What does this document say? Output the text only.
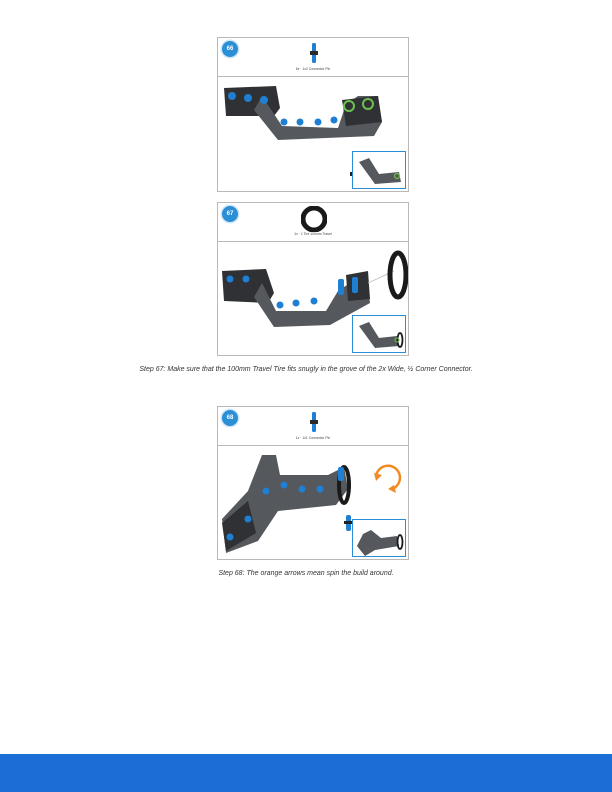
66
6x · 1x2 Connector Pin
67
1x · 1 Tire 100mm Travel
Step 67: Make sure that the 100mm Travel Tire fits snugly in the grove of the 2x Wide, ½ Corner Connector.
68
1x · 1x1 Connector Pin
Step 68: The orange arrows mean spin the build around.
